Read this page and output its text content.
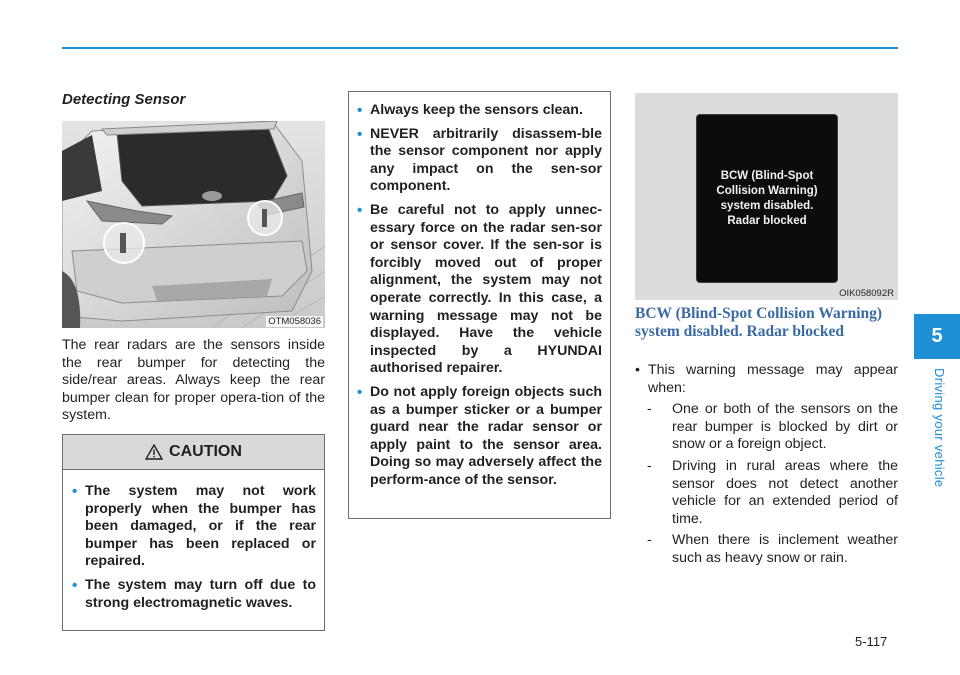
Detecting Sensor
OTM058036
The rear radars are the sensors inside the rear bumper for detecting the side/rear areas. Always keep the rear bumper clean for proper opera-tion of the system.
CAUTION
• The system may not work properly when the bumper has been damaged, or if the rear bumper has been replaced or repaired.
• The system may turn off due to strong electromagnetic waves.
• Always keep the sensors clean.
• NEVER arbitrarily disassem-ble the sensor component nor apply any impact on the sen-sor component.
• Be careful not to apply unnec-essary force on the radar sen-sor or sensor cover. If the sen-sor is forcibly moved out of proper alignment, the system may not operate correctly. In this case, a warning message may not be displayed. Have the vehicle inspected by a HYUNDAI authorised repairer.
• Do not apply foreign objects such as a bumper sticker or a bumper guard near the radar sensor or apply paint to the sensor area. Doing so may adversely affect the perform-ance of the sensor.
BCW (Blind-Spot
Collision Warning)
system disabled.
Radar blocked
OIK058092R
BCW (Blind-Spot Collision Warning) system disabled. Radar blocked
• This warning message may appear when:
- One or both of the sensors on the rear bumper is blocked by dirt or snow or a foreign object.
- Driving in rural areas where the sensor does not detect another vehicle for an extended period of time.
- When there is inclement weather such as heavy snow or rain.
5
Driving your vehicle
5-117
